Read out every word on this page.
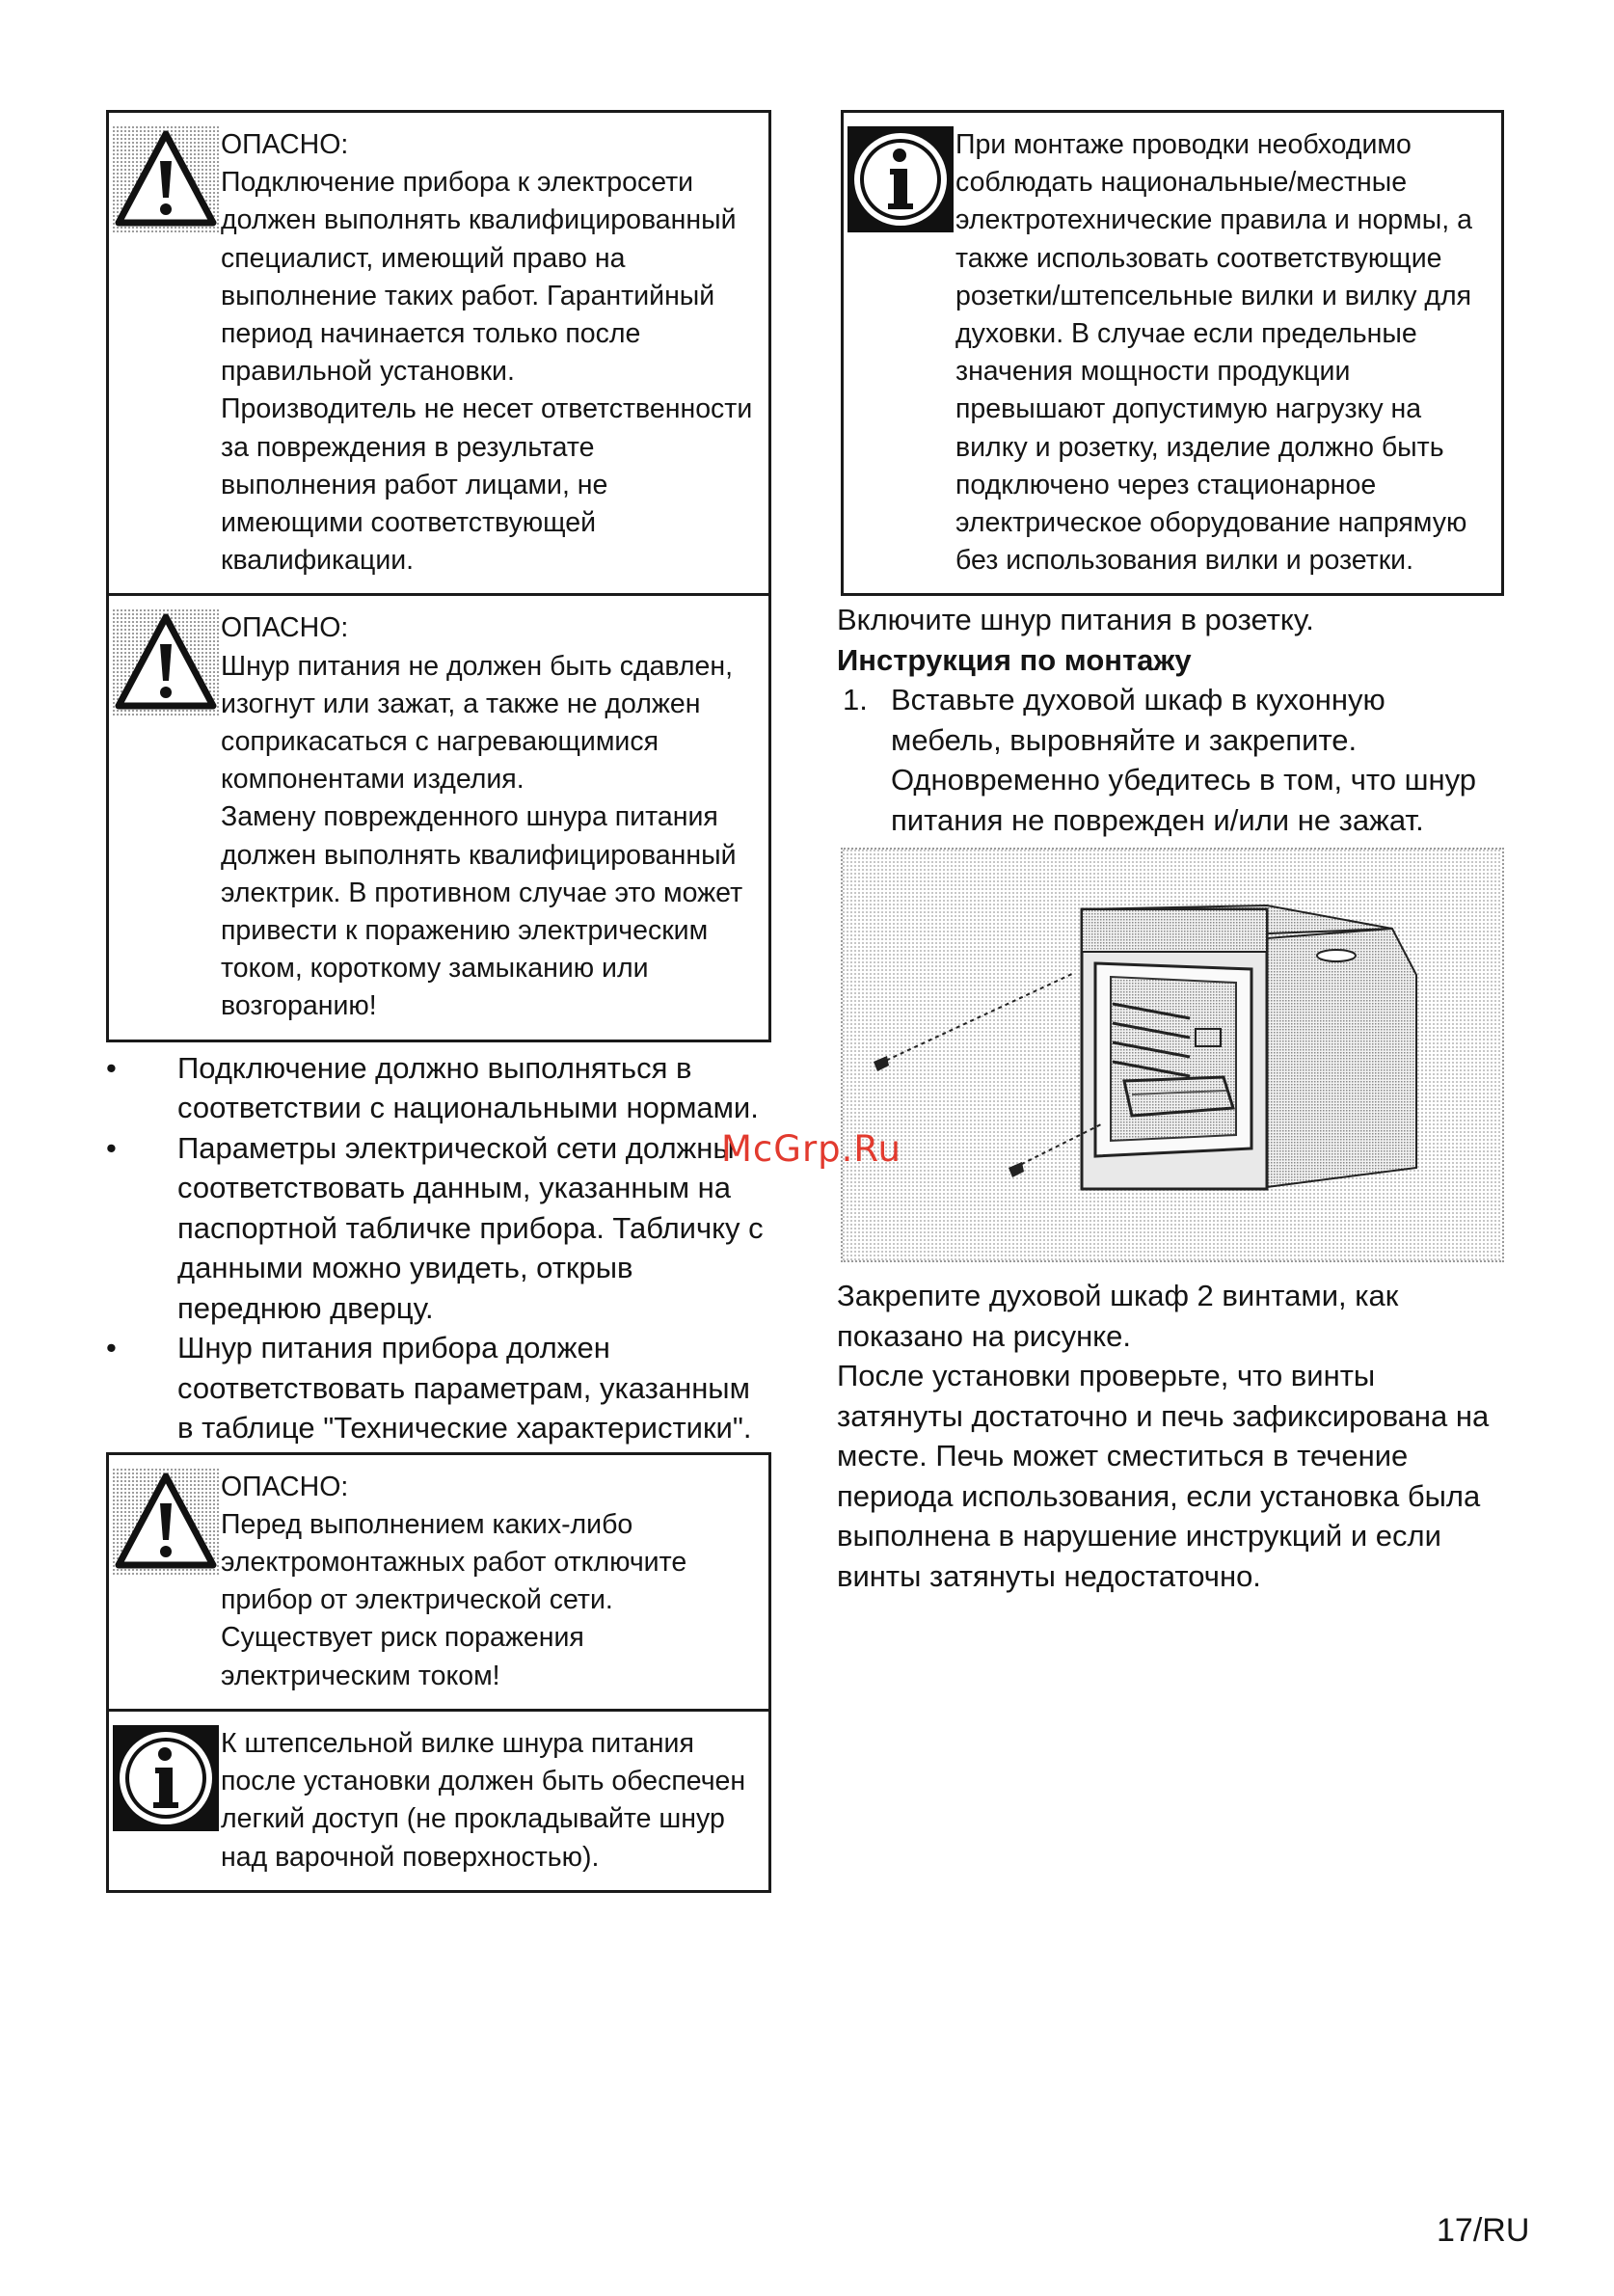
ОПАСНО:

Подключение прибора к электросети должен выполнять квалифицированный специалист, имеющий право на выполнение таких работ. Гарантийный период начинается только после правильной установки.

Производитель не несет ответственности за повреждения в результате выполнения работ лицами, не имеющими соответствующей квалификации.

ОПАСНО:

Шнур питания не должен быть сдавлен, изогнут или зажат, а также не должен соприкасаться с нагревающимися компонентами изделия.

Замену поврежденного шнура питания должен выполнять квалифицированный электрик. В противном случае это может привести к поражению электрическим током, короткому замыканию или возгоранию!

• Подключение должно выполняться в соответствии с национальными нормами.
• Параметры электрической сети должны соответствовать данным, указанным на паспортной табличке прибора. Табличку с данными можно увидеть, открыв переднюю дверцу.
• Шнур питания прибора должен соответствовать параметрам, указанным в таблице "Технические характеристики".
ОПАСНО:

Перед выполнением каких-либо электромонтажных работ отключите прибор от электрической сети.

Существует риск поражения электрическим током!

К штепсельной вилке шнура питания после установки должен быть обеспечен легкий доступ (не прокладывайте шнур над варочной поверхностью).

При монтаже проводки необходимо соблюдать национальные/местные электротехнические правила и нормы, а также использовать соответствующие розетки/штепсельные вилки и вилку для духовки. В случае если предельные значения мощности продукции превышают допустимую нагрузку на вилку и розетку, изделие должно быть подключено через стационарное электрическое оборудование напрямую без использования вилки и розетки.

Включите шнур питания в розетку.

Инструкция по монтажу

1. Вставьте духовой шкаф в кухонную мебель, выровняйте и закрепите. Одновременно убедитесь в том, что шнур питания не поврежден и/или не зажат.

Закрепите духовой шкаф 2 винтами, как показано на рисунке.

После установки проверьте, что винты затянуты достаточно и печь зафиксирована на месте. Печь может сместиться в течение периода использования, если установка была выполнена в нарушение инструкций и если винты затянуты недостаточно.

McGrp.Ru
17/RU
